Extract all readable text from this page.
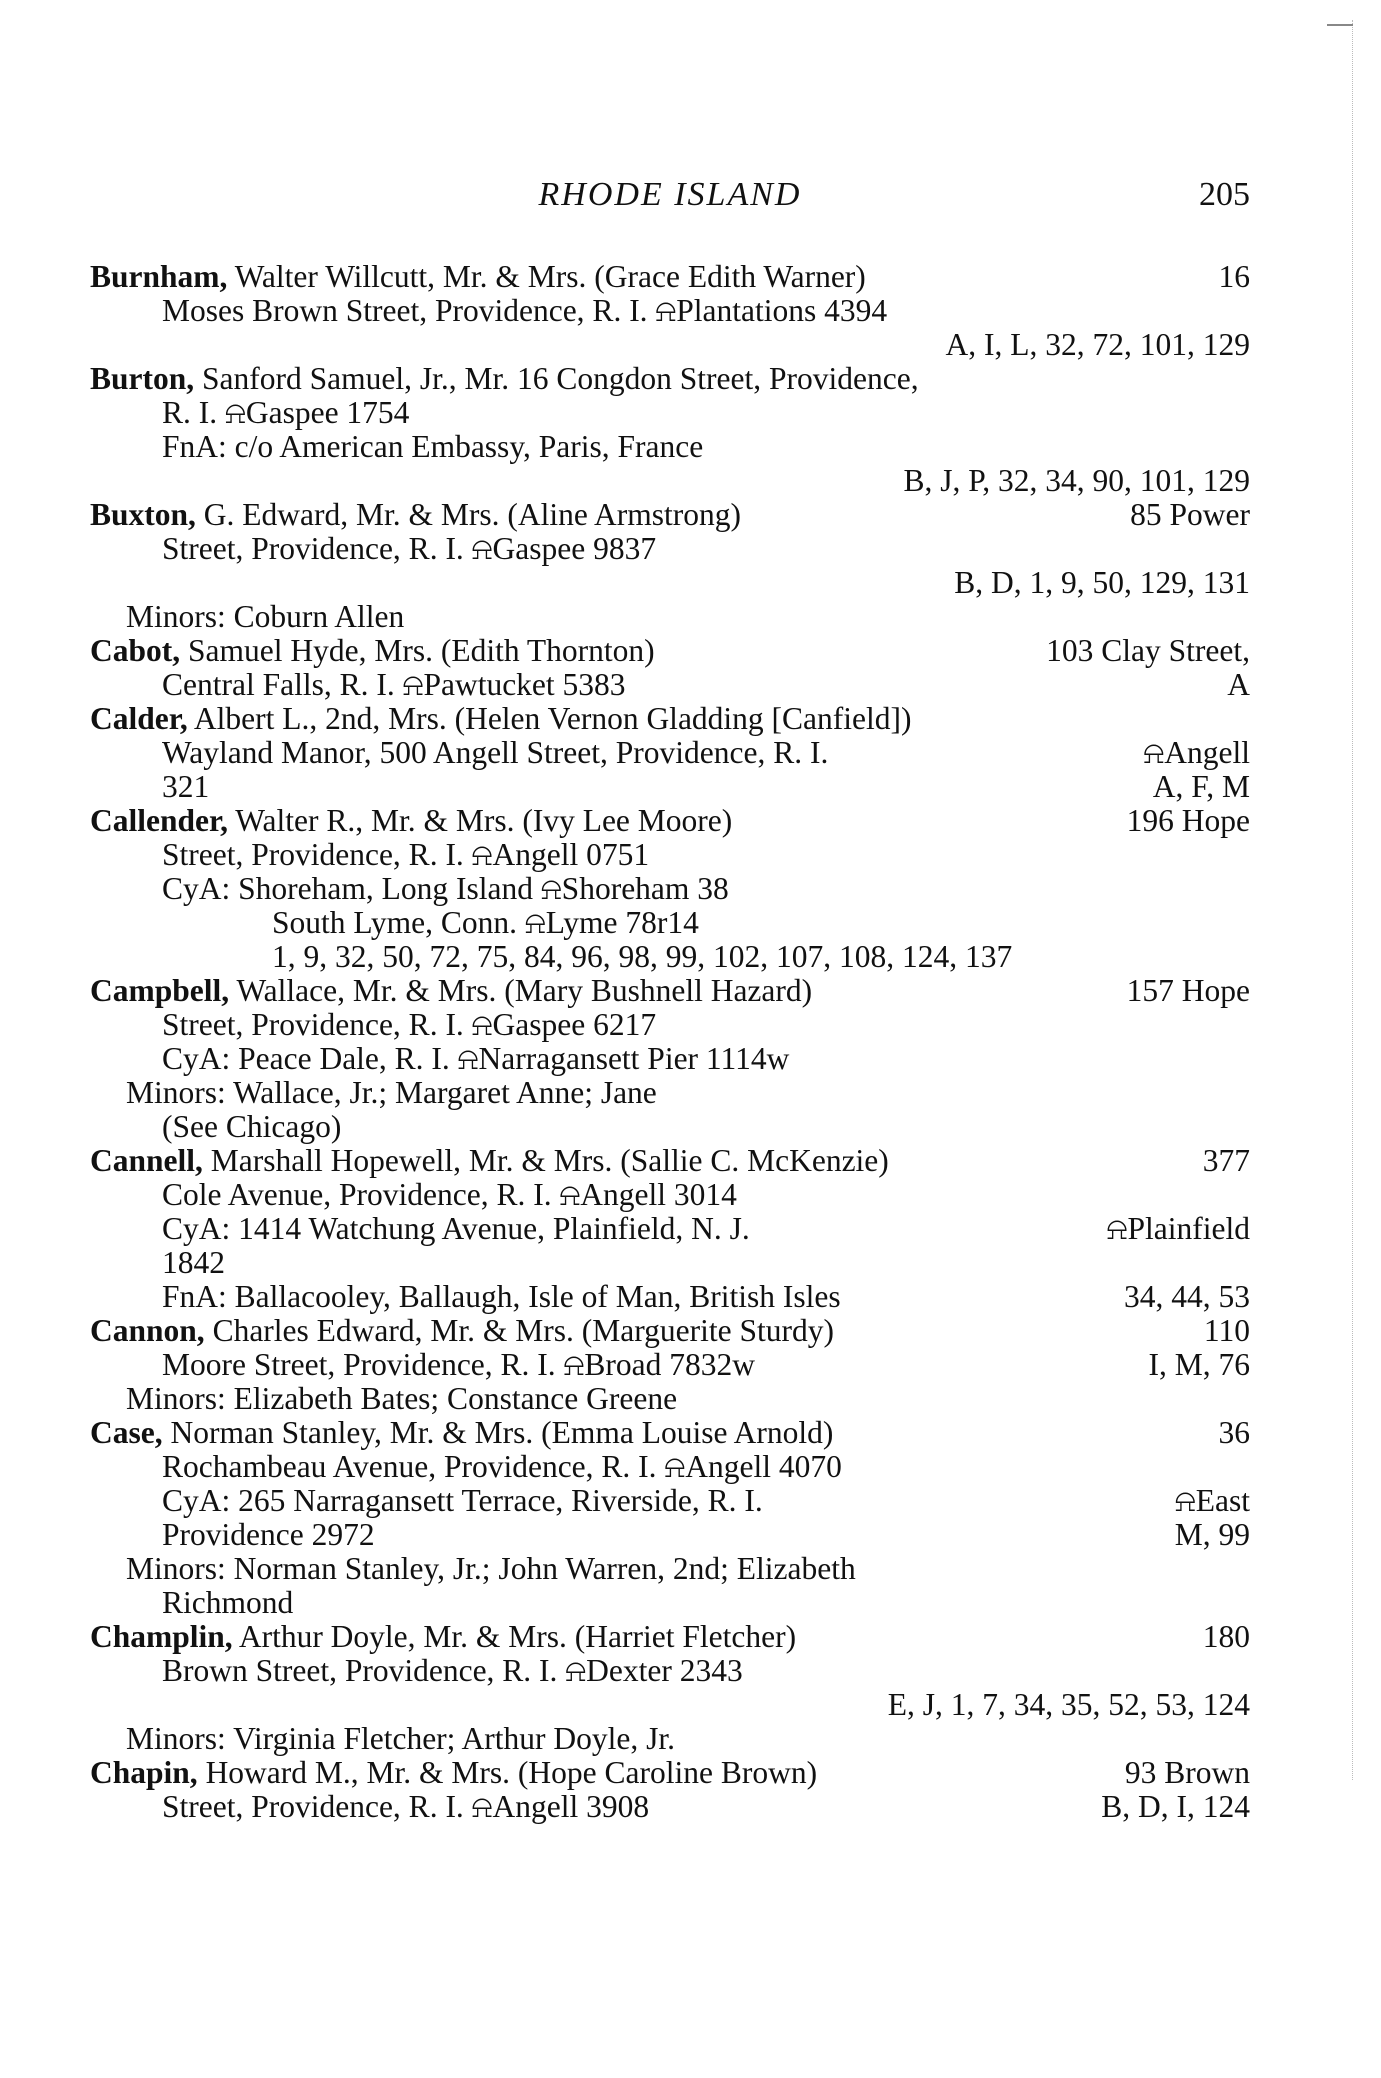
RHODE ISLAND	205
Burnham, Walter Willcutt, Mr. & Mrs. (Grace Edith Warner)	16
Moses Brown Street, Providence, R. I. ⍾Plantations 4394
A, I, L, 32, 72, 101, 129
Burton, Sanford Samuel, Jr., Mr. 16 Congdon Street, Providence,
R. I. ⍾Gaspee 1754
FnA: c/o American Embassy, Paris, France
B, J, P, 32, 34, 90, 101, 129
Buxton, G. Edward, Mr. & Mrs. (Aline Armstrong)	85 Power
Street, Providence, R. I. ⍾Gaspee 9837
B, D, 1, 9, 50, 129, 131
Minors: Coburn Allen
Cabot, Samuel Hyde, Mrs. (Edith Thornton)	103 Clay Street,
Central Falls, R. I. ⍾Pawtucket 5383	A
Calder, Albert L., 2nd, Mrs. (Helen Vernon Gladding [Canfield])
Wayland Manor, 500 Angell Street, Providence, R. I.	⍾Angell
321	A, F, M
Callender, Walter R., Mr. & Mrs. (Ivy Lee Moore)	196 Hope
Street, Providence, R. I. ⍾Angell 0751
CyA: Shoreham, Long Island ⍾Shoreham 38
South Lyme, Conn. ⍾Lyme 78r14
1, 9, 32, 50, 72, 75, 84, 96, 98, 99, 102, 107, 108, 124, 137
Campbell, Wallace, Mr. & Mrs. (Mary Bushnell Hazard)	157 Hope
Street, Providence, R. I. ⍾Gaspee 6217
CyA: Peace Dale, R. I. ⍾Narragansett Pier 1114w
Minors: Wallace, Jr.; Margaret Anne; Jane
(See Chicago)
Cannell, Marshall Hopewell, Mr. & Mrs. (Sallie C. McKenzie)	377
Cole Avenue, Providence, R. I. ⍾Angell 3014
CyA: 1414 Watchung Avenue, Plainfield, N. J.	⍾Plainfield
1842
FnA: Ballacooley, Ballaugh, Isle of Man, British Isles	34, 44, 53
Cannon, Charles Edward, Mr. & Mrs. (Marguerite Sturdy)	110
Moore Street, Providence, R. I. ⍾Broad 7832w	I, M, 76
Minors: Elizabeth Bates; Constance Greene
Case, Norman Stanley, Mr. & Mrs. (Emma Louise Arnold)	36
Rochambeau Avenue, Providence, R. I. ⍾Angell 4070
CyA: 265 Narragansett Terrace, Riverside, R. I.	⍾East
Providence 2972	M, 99
Minors: Norman Stanley, Jr.; John Warren, 2nd; Elizabeth
Richmond
Champlin, Arthur Doyle, Mr. & Mrs. (Harriet Fletcher)	180
Brown Street, Providence, R. I. ⍾Dexter 2343
E, J, 1, 7, 34, 35, 52, 53, 124
Minors: Virginia Fletcher; Arthur Doyle, Jr.
Chapin, Howard M., Mr. & Mrs. (Hope Caroline Brown)	93 Brown
Street, Providence, R. I. ⍾Angell 3908	B, D, I, 124
